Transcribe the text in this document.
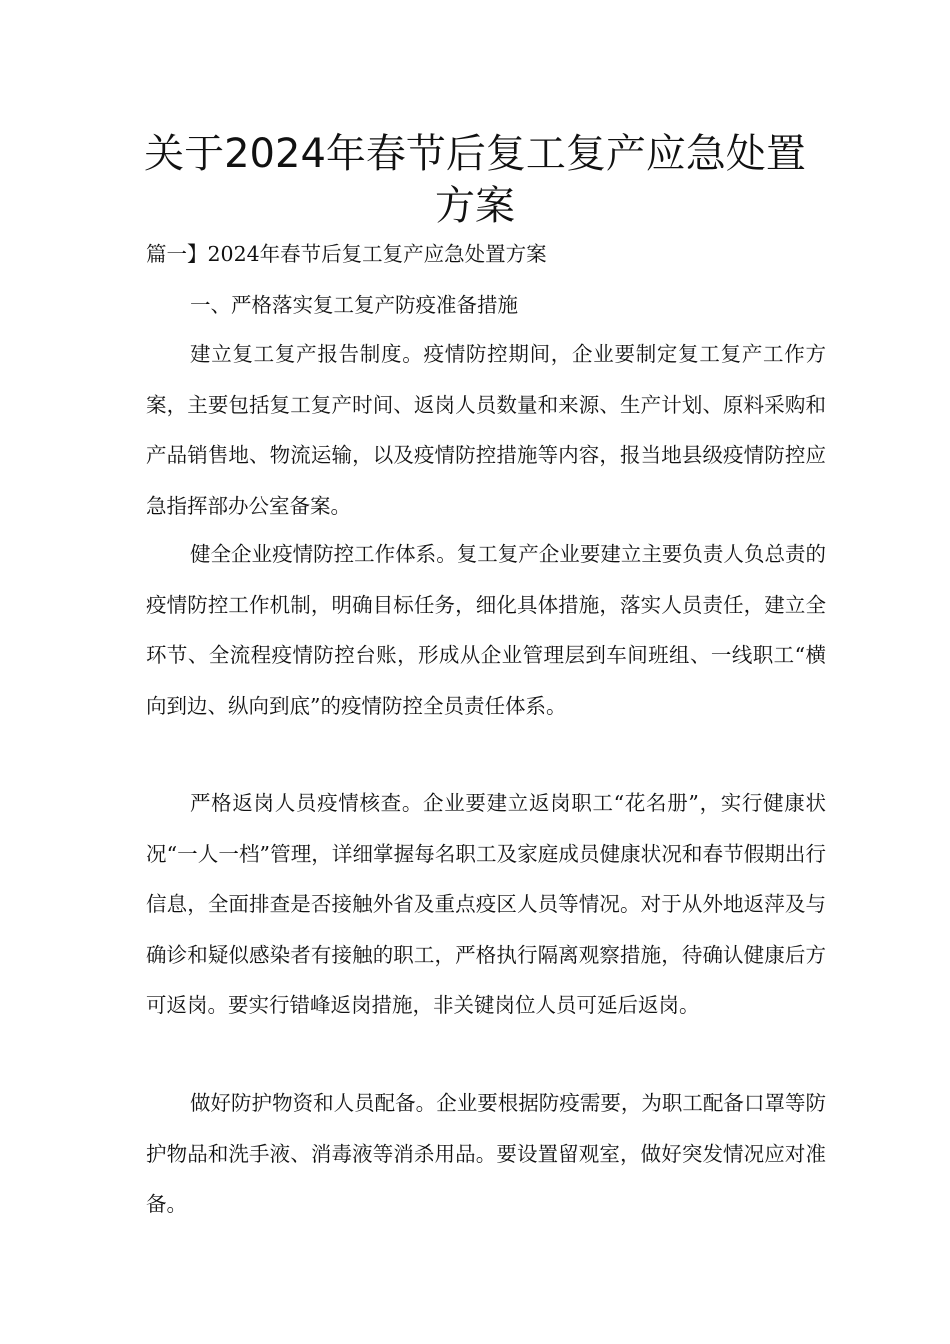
关于2024年春节后复工复产应急处置
方案
篇一】2024年春节后复工复产应急处置方案
一、严格落实复工复产防疫准备措施

建立复工复产报告制度。疫情防控期间，企业要制定复工复产工作方案，主要包括复工复产时间、返岗人员数量和来源、生产计划、原料采购和产品销售地、物流运输，以及疫情防控措施等内容，报当地县级疫情防控应急指挥部办公室备案。

健全企业疫情防控工作体系。复工复产企业要建立主要负责人负总责的疫情防控工作机制，明确目标任务，细化具体措施，落实人员责任，建立全环节、全流程疫情防控台账，形成从企业管理层到车间班组、一线职工“横向到边、纵向到底”的疫情防控全员责任体系。

严格返岗人员疫情核查。企业要建立返岗职工“花名册”，实行健康状况“一人一档”管理，详细掌握每名职工及家庭成员健康状况和春节假期出行信息，全面排查是否接触外省及重点疫区人员等情况。对于从外地返萍及与确诊和疑似感染者有接触的职工，严格执行隔离观察措施，待确认健康后方可返岗。要实行错峰返岗措施，非关键岗位人员可延后返岗。

做好防护物资和人员配备。企业要根据防疫需要，为职工配备口罩等防护物品和洗手液、消毒液等消杀用品。要设置留观室，做好突发情况应对准备。
